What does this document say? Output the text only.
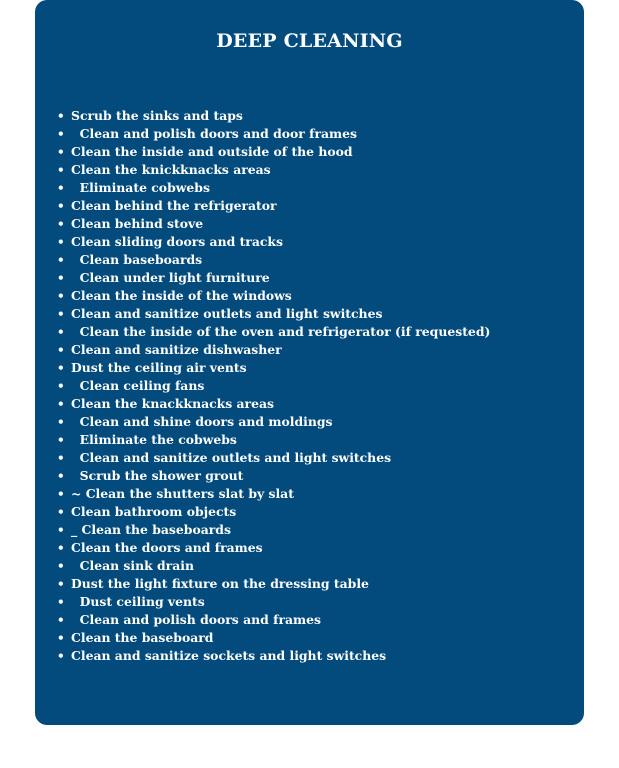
DEEP CLEANING
• Scrub the sinks and taps
• Clean and polish doors and door frames
• Clean the inside and outside of the hood
• Clean the knickknacks areas
• Eliminate cobwebs
• Clean behind the refrigerator
• Clean behind stove
• Clean sliding doors and tracks
• Clean baseboards
• Clean under light furniture
• Clean the inside of the windows
• Clean and sanitize outlets and light switches
• Clean the inside of the oven and refrigerator (if requested)
• Clean and sanitize dishwasher
• Dust the ceiling air vents
• Clean ceiling fans
• Clean the knackknacks areas
• Clean and shine doors and moldings
• Eliminate the cobwebs
• Clean and sanitize outlets and light switches
• Scrub the shower grout
• ~ Clean the shutters slat by slat
• Clean bathroom objects
• _ Clean the baseboards
• Clean the doors and frames
• Clean sink drain
• Dust the light fixture on the dressing table
• Dust ceiling vents
• Clean and polish doors and frames
• Clean the baseboard
• Clean and sanitize sockets and light switches
